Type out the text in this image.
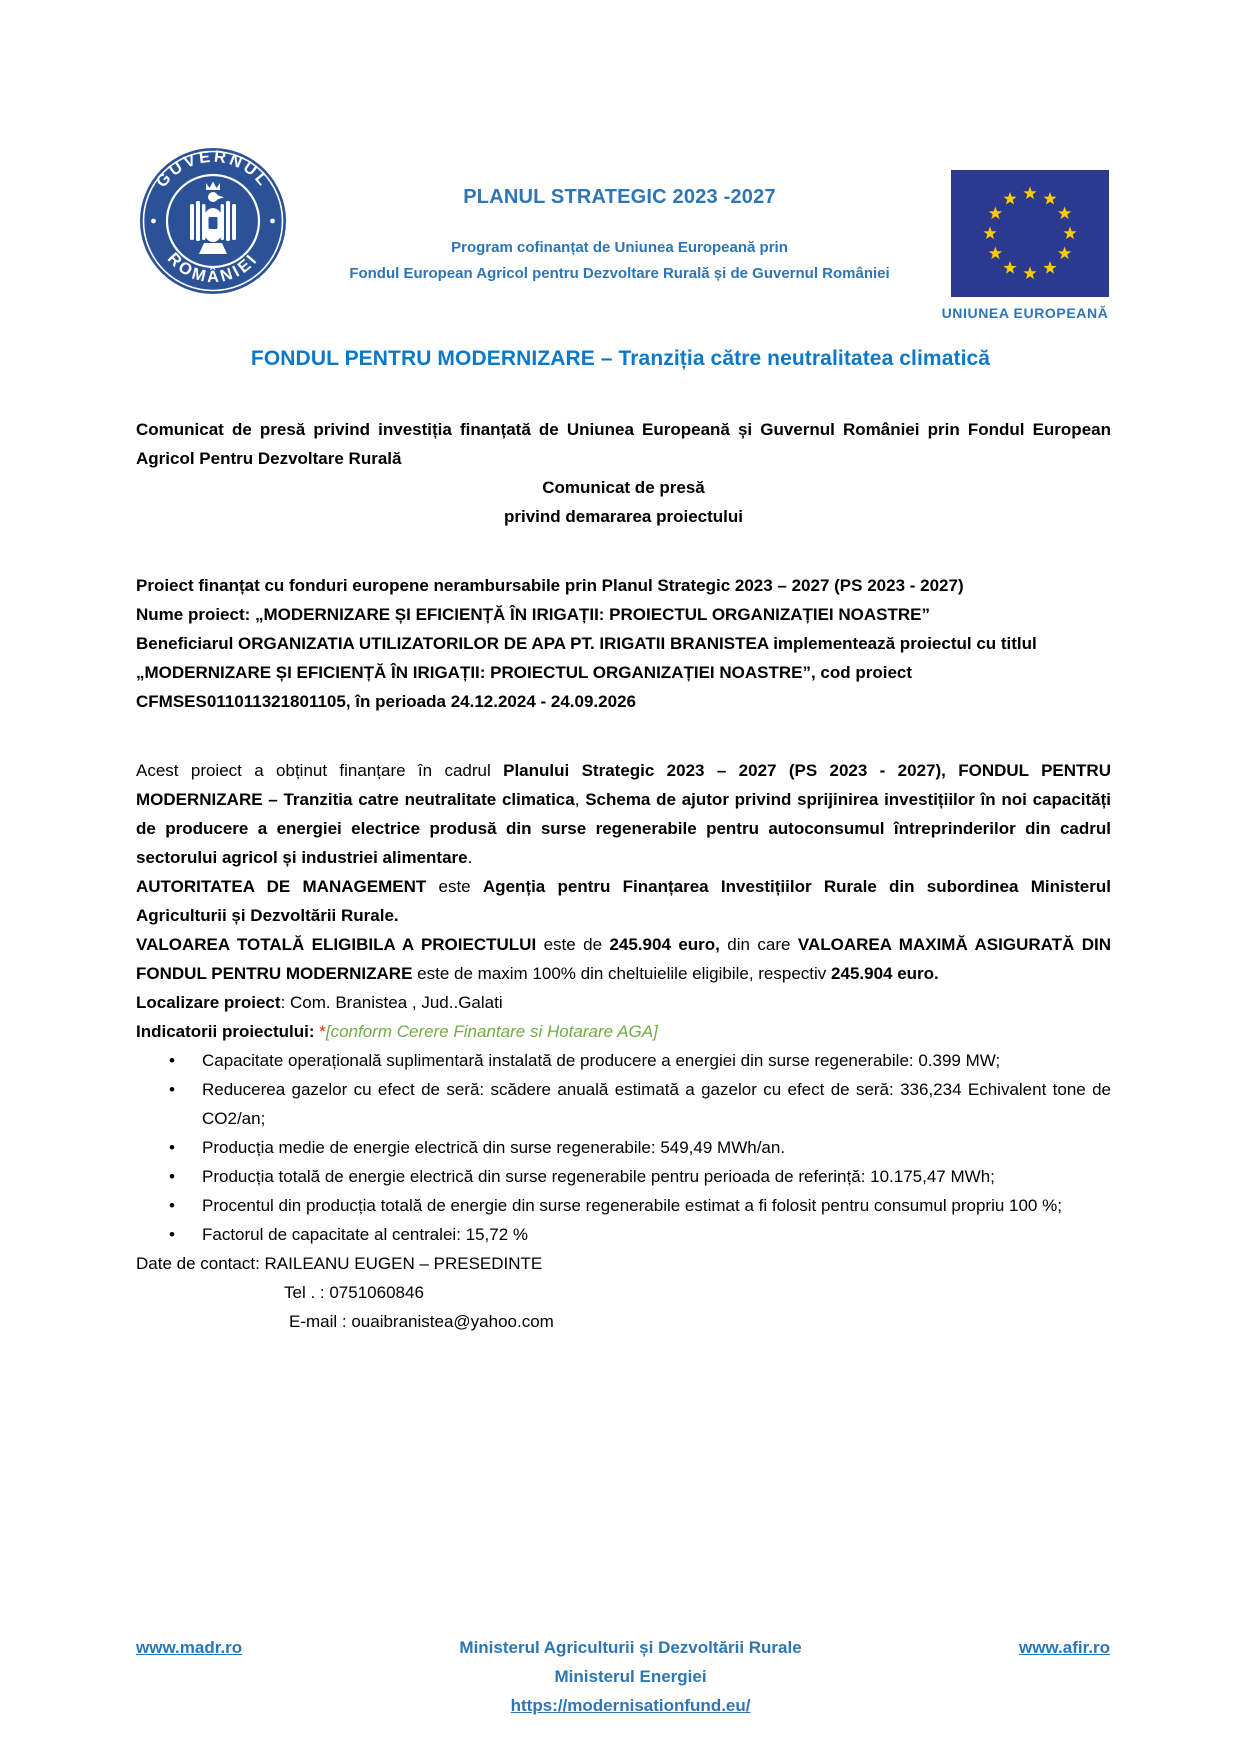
GUVERNUL
ROMÂNIEI
PLANUL STRATEGIC 2023 -2027
Program cofinanțat de Uniunea Europeană prin
Fondul European Agricol pentru Dezvoltare Rurală și de Guvernul României
UNIUNEA EUROPEANĂ
FONDUL PENTRU MODERNIZARE – Tranziția către neutralitatea climatică

Comunicat de presă privind investiția finanțată de Uniunea Europeană și Guvernul României prin Fondul European Agricol Pentru Dezvoltare Rurală

Comunicat de presă
privind demararea proiectului
Proiect finanțat cu fonduri europene nerambursabile prin Planul Strategic 2023 – 2027 (PS 2023 - 2027)
Nume proiect: „MODERNIZARE ȘI EFICIENȚĂ ÎN IRIGAȚII: PROIECTUL ORGANIZAȚIEI NOASTRE”
Beneficiarul ORGANIZATIA UTILIZATORILOR DE APA PT. IRIGATII BRANISTEA implementează proiectul cu titlul „MODERNIZARE ȘI EFICIENȚĂ ÎN IRIGAȚII: PROIECTUL ORGANIZAȚIEI NOASTRE”, cod proiect CFMSES011011321801105, în perioada 24.12.2024 - 24.09.2026

Acest proiect a obținut finanțare în cadrul Planului Strategic 2023 – 2027 (PS 2023 - 2027), FONDUL PENTRU MODERNIZARE – Tranzitia catre neutralitate climatica, Schema de ajutor privind sprijinirea investițiilor în noi capacități de producere a energiei electrice produsă din surse regenerabile pentru autoconsumul întreprinderilor din cadrul sectorului agricol și industriei alimentare.

AUTORITATEA DE MANAGEMENT este Agenția pentru Finanțarea Investițiilor Rurale din subordinea Ministerul Agriculturii și Dezvoltării Rurale.

VALOAREA TOTALĂ ELIGIBILA A PROIECTULUI este de 245.904 euro, din care VALOAREA MAXIMĂ ASIGURATĂ DIN FONDUL PENTRU MODERNIZARE este de maxim 100% din cheltuielile eligibile, respectiv 245.904 euro.

Localizare proiect: Com. Branistea , Jud..Galati

Indicatorii proiectului: *[conform Cerere Finantare si Hotarare AGA]

• Capacitate operațională suplimentară instalată de producere a energiei din surse regenerabile: 0.399 MW;
• Reducerea gazelor cu efect de seră: scădere anuală estimată a gazelor cu efect de seră: 336,234 Echivalent tone de CO2/an;
• Producția medie de energie electrică din surse regenerabile: 549,49 MWh/an.
• Producția totală de energie electrică din surse regenerabile pentru perioada de referință: 10.175,47 MWh;
• Procentul din producția totală de energie din surse regenerabile estimat a fi folosit pentru consumul propriu 100 %;
• Factorul de capacitate al centralei: 15,72 %
Date de contact: RAILEANU EUGEN – PRESEDINTE
Tel . : 0751060846
E-mail : ouaibranistea@yahoo.com
www.madr.ro	Ministerul Agriculturii și Dezvoltării Rurale
Ministerul Energiei
https://modernisationfund.eu/
www.afir.ro
